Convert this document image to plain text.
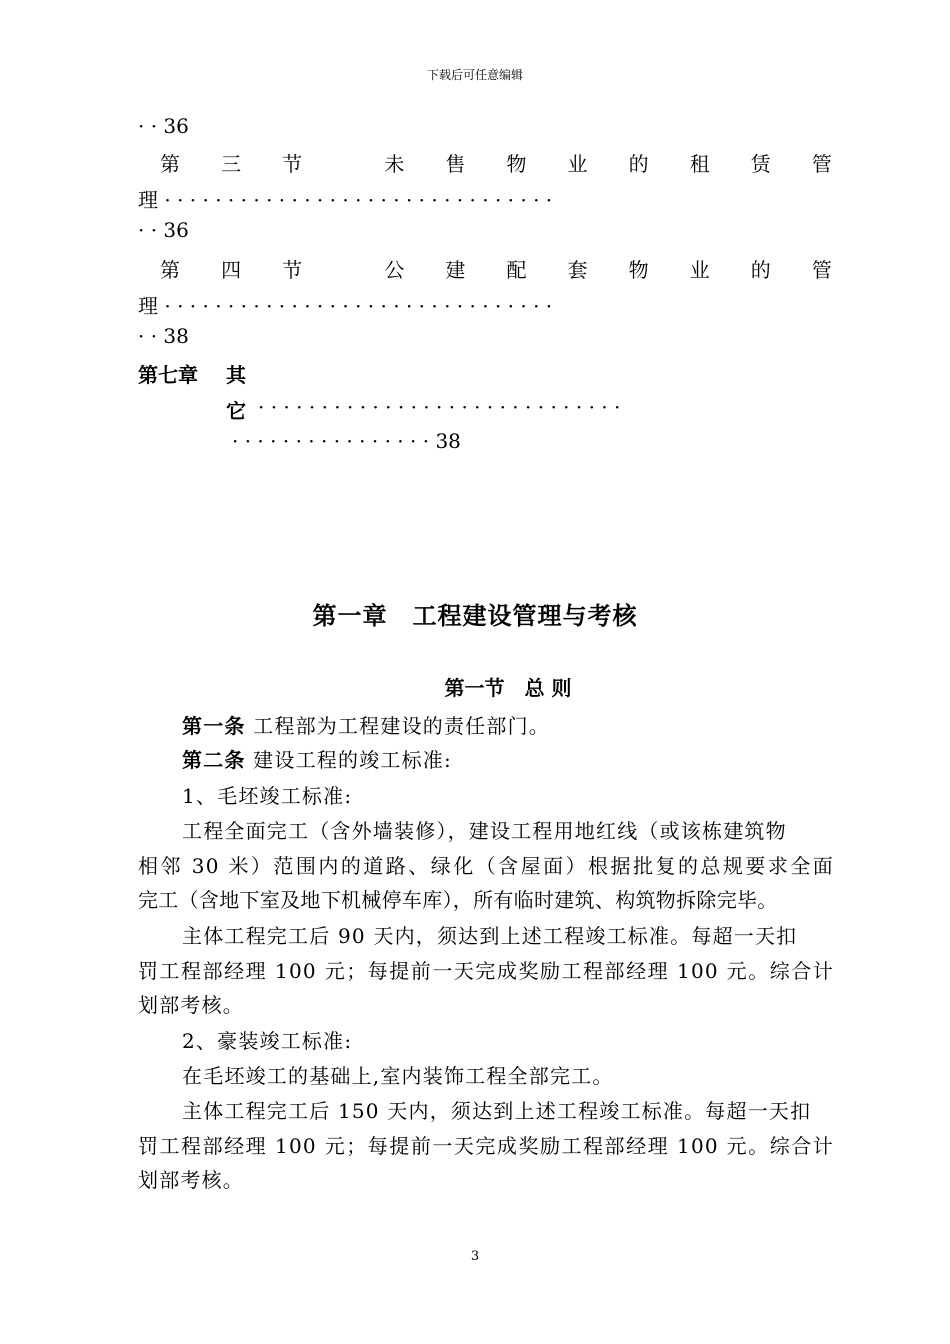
下载后可任意编辑
· · 36
第 三 节	未 售 物 业 的 租 赁 管
理 · · · · · · · · · · · · · · · · · · · · · · · · · · · · · · ·
· · 36
第 四 节	公 建 配 套 物 业 的 管
理 · · · · · · · · · · · · · · · · · · · · · · · · · · · · · · ·
· · 38
第七章 其
它 · · · · · · · · · · · · · · · · · · · · · · · · · · · · ·
· · · · · · · · · · · · · · · · 38
第一章　工程建设管理与考核
第一节　总 则
第一条 工程部为工程建设的责任部门。
第二条 建设工程的竣工标准:
1、毛坯竣工标准:
工程全面完工（含外墙装修），建设工程用地红线（或该栋建筑物
相邻 30 米）范围内的道路、绿化（含屋面）根据批复的总规要求全面
完工（含地下室及地下机械停车库），所有临时建筑、构筑物拆除完毕。
主体工程完工后 90 天内，须达到上述工程竣工标准。每超一天扣
罚工程部经理 100 元；每提前一天完成奖励工程部经理 100 元。综合计
划部考核。
2、豪装竣工标准:
在毛坯竣工的基础上,室内装饰工程全部完工。
主体工程完工后 150 天内，须达到上述工程竣工标准。每超一天扣
罚工程部经理 100 元；每提前一天完成奖励工程部经理 100 元。综合计
划部考核。
3
